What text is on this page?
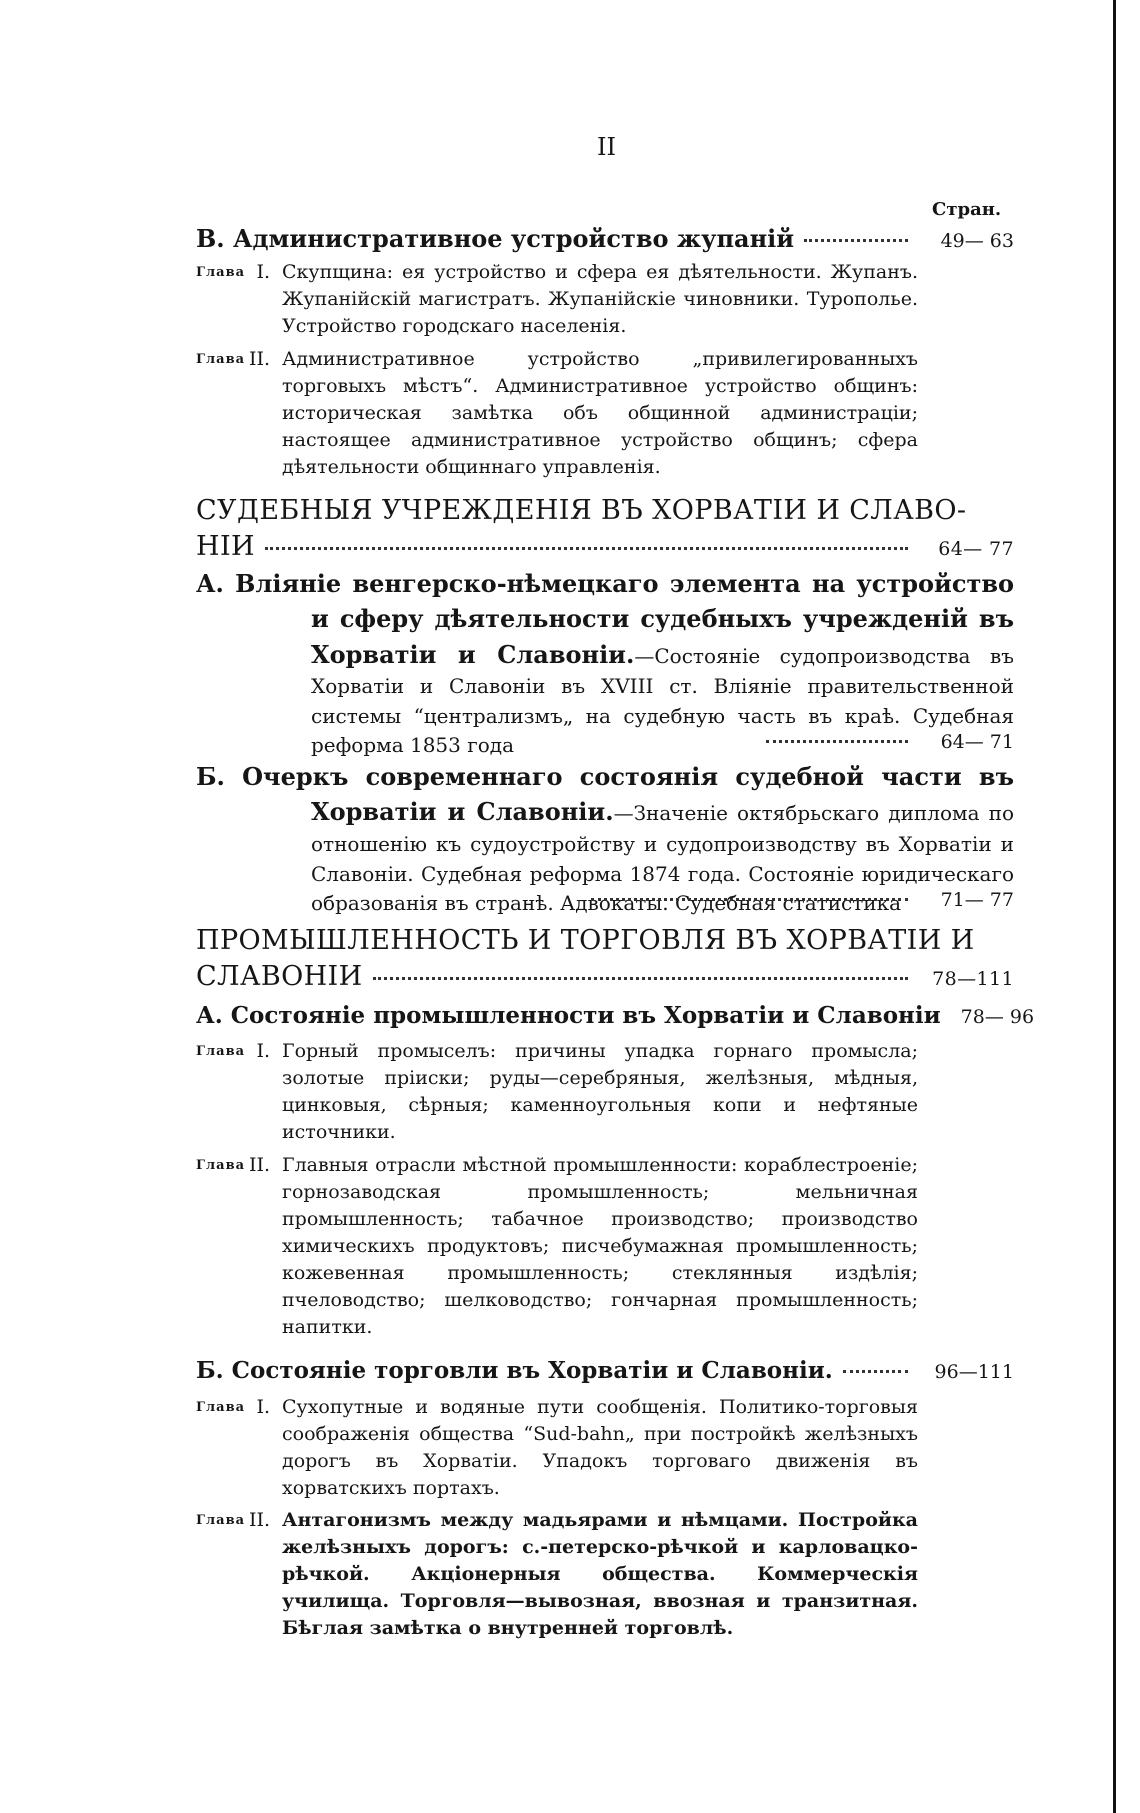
II
Стран.
В. Административное устройство жупаній	49— 63
Глава I. Скупщина: ея устройство и сфера ея дѣятельности. Жупанъ. Жупанійскій магистратъ. Жупанійскіе чиновники. Туропольe. Устройство городскаго населенія.
Глава II. Административное устройство „привилегированныхъ торговыхъ мѣстъ“. Административное устройство общинъ: историческая замѣтка объ общинной администраціи; настоящее административное устройство общинъ; сфера дѣятельности общиннаго управленія.
СУДЕБНЫЯ УЧРЕЖДЕНІЯ ВЪ ХОРВАТІИ И СЛАВО-
НІИ	64— 77
А. Вліяніе венгерско-нѣмецкаго элемента на устройство и сферу дѣятельности судебныхъ учрежденій въ Хорватіи и Славоніи.—Состояніе судопроизводства въ Хорватіи и Славоніи въ XVIII ст. Вліяніе правительственной системы “централизмъ„ на судебную часть въ краѣ. Судебная реформа 1853 года	64— 71
Б. Очеркъ современнаго состоянія судебной части въ Хорватіи и Славоніи.—Значеніе октябрьскаго диплома по отношенію къ судоустройству и судопроизводству въ Хорватіи и Славоніи. Судебная реформа 1874 года. Состояніе юридическаго образованія въ странѣ. Адвокаты. Судебная статистика	71— 77
ПРОМЫШЛЕННОСТЬ И ТОРГОВЛЯ ВЪ ХОРВАТІИ И
СЛАВОНІИ	78—111
А. Состояніе промышленности въ Хорватіи и Славоніи 78— 96
Глава I. Горный промыселъ: причины упадка горнаго промысла; золотые пріиски; руды—серебряныя, желѣзныя, мѣдныя, цинковыя, сѣрныя; каменноугольныя копи и нефтяные источники.
Глава II. Главныя отрасли мѣстной промышленности: кораблестроеніе; горнозаводская промышленность; мельничная промышленность; табачное производство; производство химическихъ продуктовъ; писчебумажная промышленность; кожевенная промышленность; стеклянныя издѣлія; пчеловодство; шелководство; гончарная промышленность; напитки.
Б. Состояніе торговли въ Хорватіи и Славоніи.	96—111
Глава I. Сухопутные и водяные пути сообщенія. Политико-торговыя соображенія общества “Sud-bahn„ при постройкѣ желѣзныхъ дорогъ въ Хорватіи. Упадокъ торговаго движенія въ хорватскихъ портахъ.
Глава II. Антагонизмъ между мадьярами и нѣмцами. Постройка желѣзныхъ дорогъ: с.-петерско-рѣчкой и карловацко-рѣчкой. Акціонерныя общества. Коммерческія училища. Торговля—вывозная, ввозная и транзитная. Бѣглая замѣтка о внутренней торговлѣ.
